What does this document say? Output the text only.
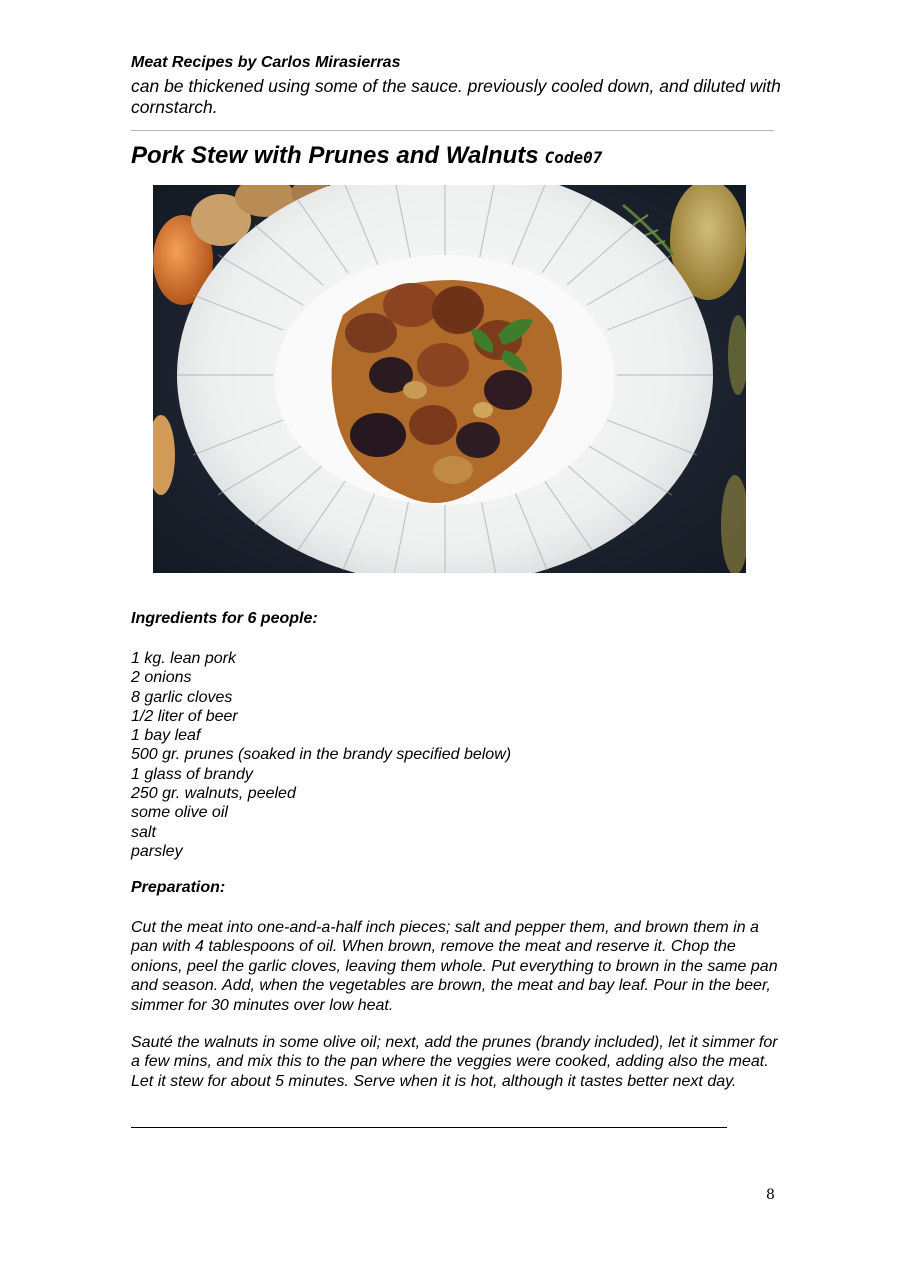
Meat Recipes by Carlos Mirasierras
can be thickened using some of the sauce. previously cooled down, and diluted with cornstarch.
Pork Stew with Prunes and Walnuts Code07
Ingredients for 6 people:
1 kg. lean pork
2 onions
8 garlic cloves
1/2 liter of beer
1 bay leaf
500 gr. prunes (soaked in the brandy specified below)
1 glass of brandy
250 gr. walnuts, peeled
some olive oil
salt
parsley
Preparation:

Cut the meat into one-and-a-half inch pieces; salt and pepper them, and brown them in a pan with 4 tablespoons of oil. When brown, remove the meat and reserve it. Chop the onions, peel the garlic cloves, leaving them whole. Put everything to brown in the same pan and season. Add, when the vegetables are brown, the meat and bay leaf. Pour in the beer, simmer for 30 minutes over low heat.

Sauté the walnuts in some olive oil; next, add the prunes (brandy included), let it simmer for a few mins, and mix this to the pan where the veggies were cooked, adding also the meat. Let it stew for about 5 minutes. Serve when it is hot, although it tastes better next day.

8
